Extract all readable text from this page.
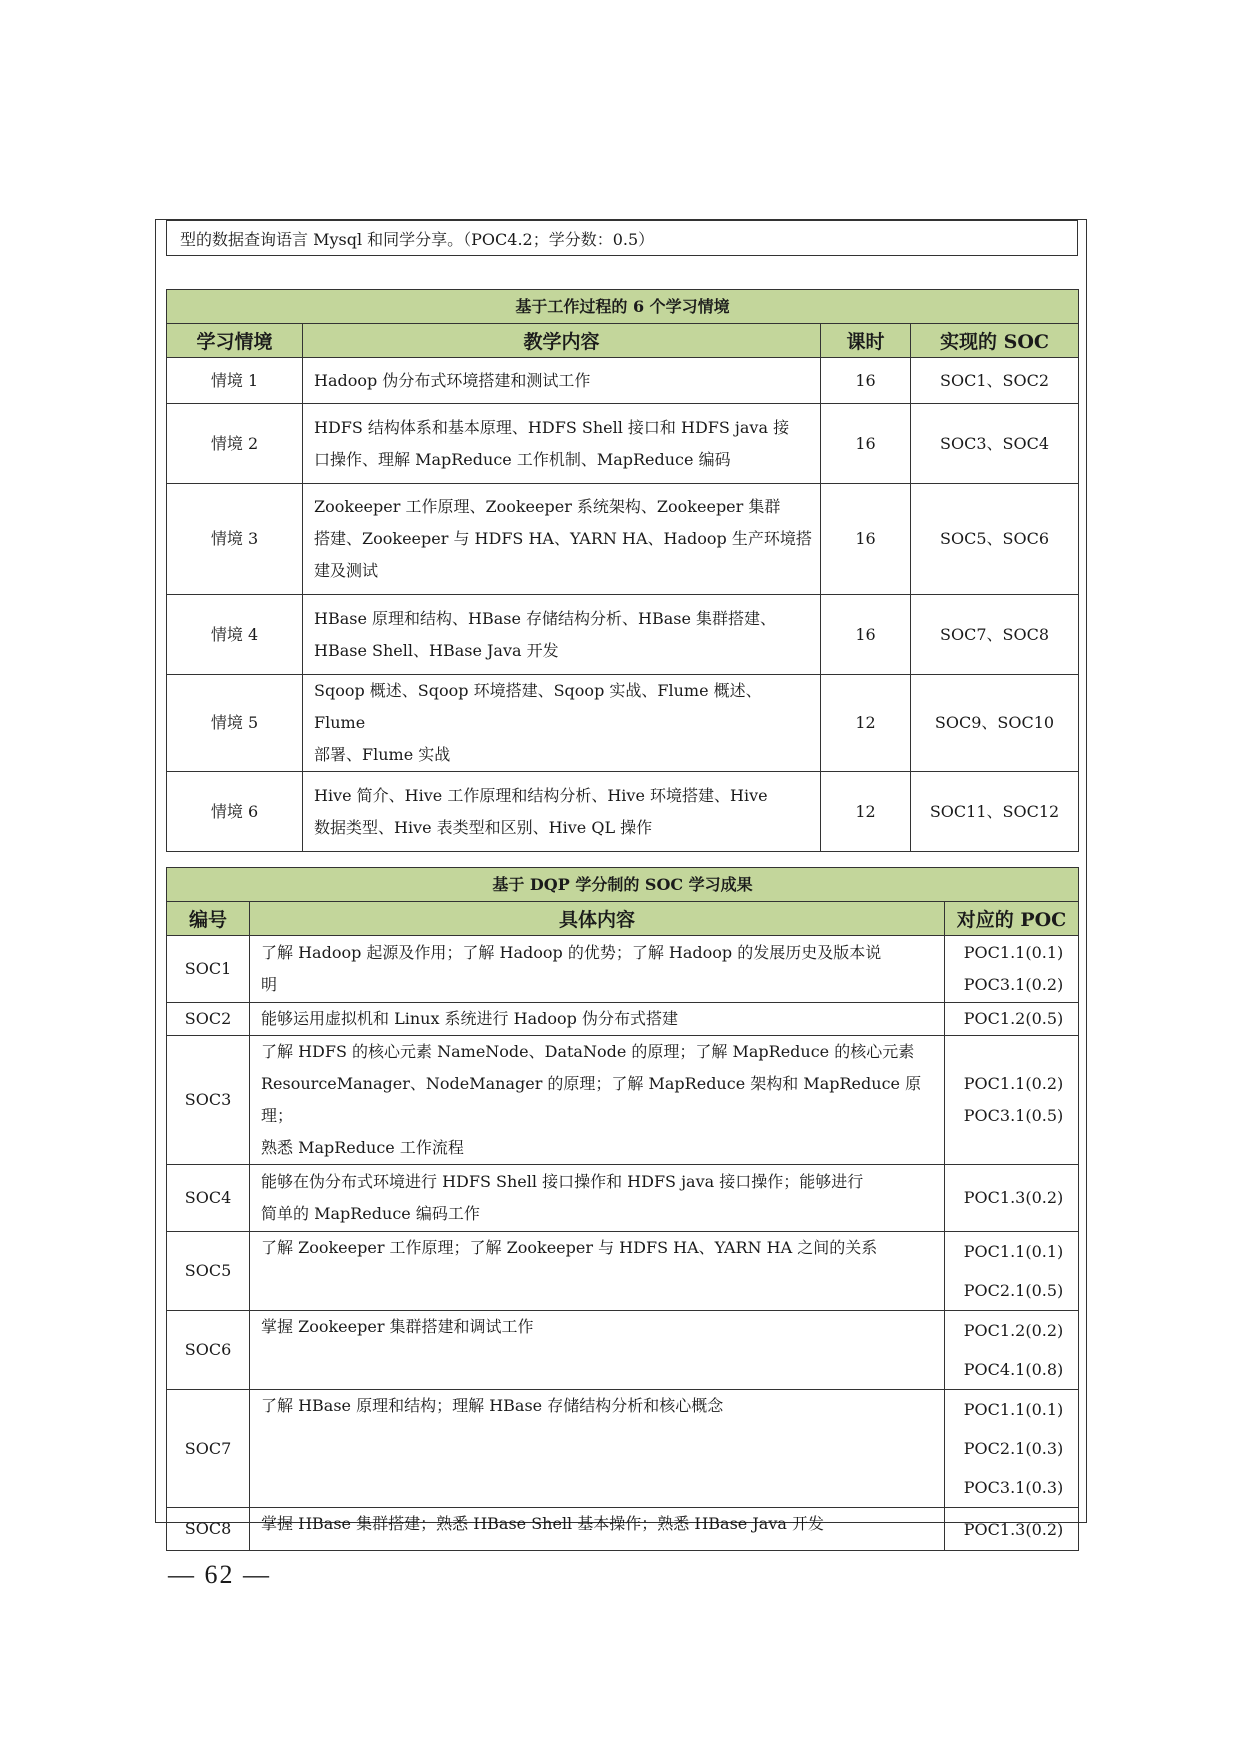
型的数据查询语言 Mysql 和同学分享。（POC4.2；学分数：0.5）
基于工作过程的 6 个学习情境			
学习情境	教学内容	课时	实现的 SOC
情境 1	Hadoop 伪分布式环境搭建和测试工作	16	SOC1、SOC2
情境 2	HDFS 结构体系和基本原理、HDFS Shell 接口和 HDFS java 接
口操作、理解 MapReduce 工作机制、MapReduce 编码	16	SOC3、SOC4
情境 3	Zookeeper 工作原理、Zookeeper 系统架构、Zookeeper 集群
搭建、Zookeeper 与 HDFS HA、YARN HA、Hadoop 生产环境搭
建及测试	16	SOC5、SOC6
情境 4	HBase 原理和结构、HBase 存储结构分析、HBase 集群搭建、
HBase Shell、HBase Java 开发	16	SOC7、SOC8
情境 5	Sqoop 概述、Sqoop 环境搭建、Sqoop 实战、Flume 概述、Flume
部署、Flume 实战	12	SOC9、SOC10
情境 6	Hive 简介、Hive 工作原理和结构分析、Hive 环境搭建、Hive
数据类型、Hive 表类型和区别、Hive QL 操作	12	SOC11、SOC12
基于 DQP 学分制的 SOC 学习成果		
编号	具体内容	对应的 POC
SOC1	了解 Hadoop 起源及作用；了解 Hadoop 的优势；了解 Hadoop 的发展历史及版本说
明	POC1.1(0.1)
POC3.1(0.2)

SOC2	能够运用虚拟机和 Linux 系统进行 Hadoop 伪分布式搭建	POC1.2(0.5)

SOC3	了解 HDFS 的核心元素 NameNode、DataNode 的原理；了解 MapReduce 的核心元素
ResourceManager、NodeManager 的原理；了解 MapReduce 架构和 MapReduce 原理；
熟悉 MapReduce 工作流程	POC1.1(0.2)
POC3.1(0.5)

SOC4	能够在伪分布式环境进行 HDFS Shell 接口操作和 HDFS java 接口操作；能够进行
简单的 MapReduce 编码工作	POC1.3(0.2)

SOC5	了解 Zookeeper 工作原理；了解 Zookeeper 与 HDFS HA、YARN HA 之间的关系	POC1.1(0.1)
POC2.1(0.5)

SOC6	掌握 Zookeeper 集群搭建和调试工作	POC1.2(0.2)
POC4.1(0.8)

SOC7	了解 HBase 原理和结构；理解 HBase 存储结构分析和核心概念	POC1.1(0.1)
POC2.1(0.3)
POC3.1(0.3)

SOC8	掌握 HBase 集群搭建；熟悉 HBase Shell 基本操作；熟悉 HBase Java 开发	POC1.3(0.2)
— 62 —
